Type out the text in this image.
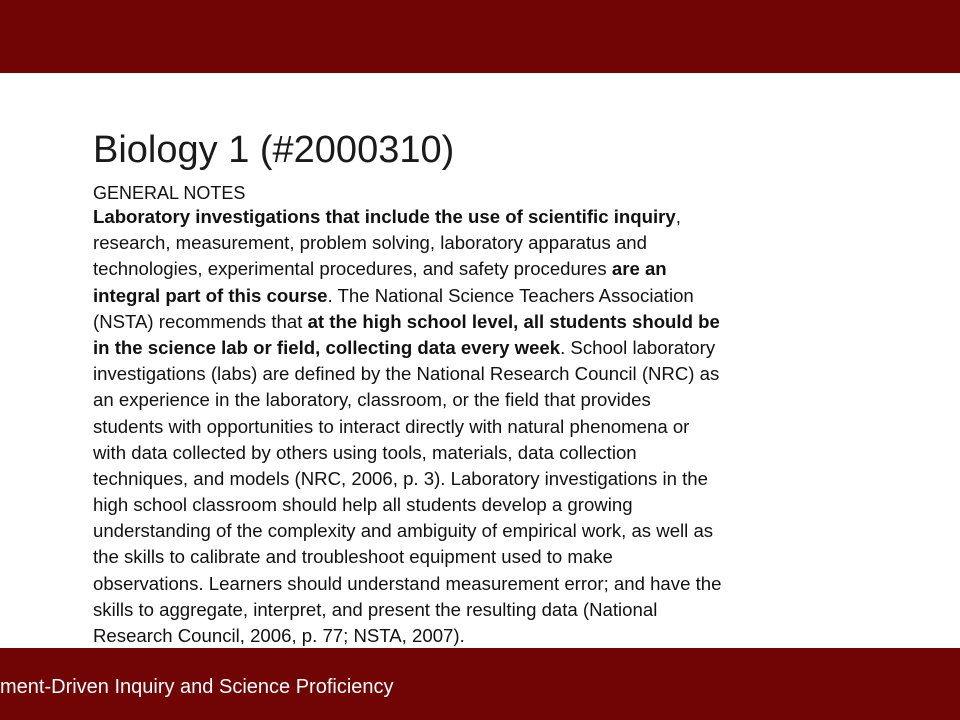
Biology 1 (#2000310)
GENERAL NOTES
Laboratory investigations that include the use of scientific inquiry,
research, measurement, problem solving, laboratory apparatus and
technologies, experimental procedures, and safety procedures are an
integral part of this course. The National Science Teachers Association
(NSTA) recommends that at the high school level, all students should be
in the science lab or field, collecting data every week. School laboratory
investigations (labs) are defined by the National Research Council (NRC) as
an experience in the laboratory, classroom, or the field that provides
students with opportunities to interact directly with natural phenomena or
with data collected by others using tools, materials, data collection
techniques, and models (NRC, 2006, p. 3). Laboratory investigations in the
high school classroom should help all students develop a growing
understanding of the complexity and ambiguity of empirical work, as well as
the skills to calibrate and troubleshoot equipment used to make
observations. Learners should understand measurement error; and have the
skills to aggregate, interpret, and present the resulting data (National
Research Council, 2006, p. 77; NSTA, 2007).
ment-Driven Inquiry and Science Proficiency
